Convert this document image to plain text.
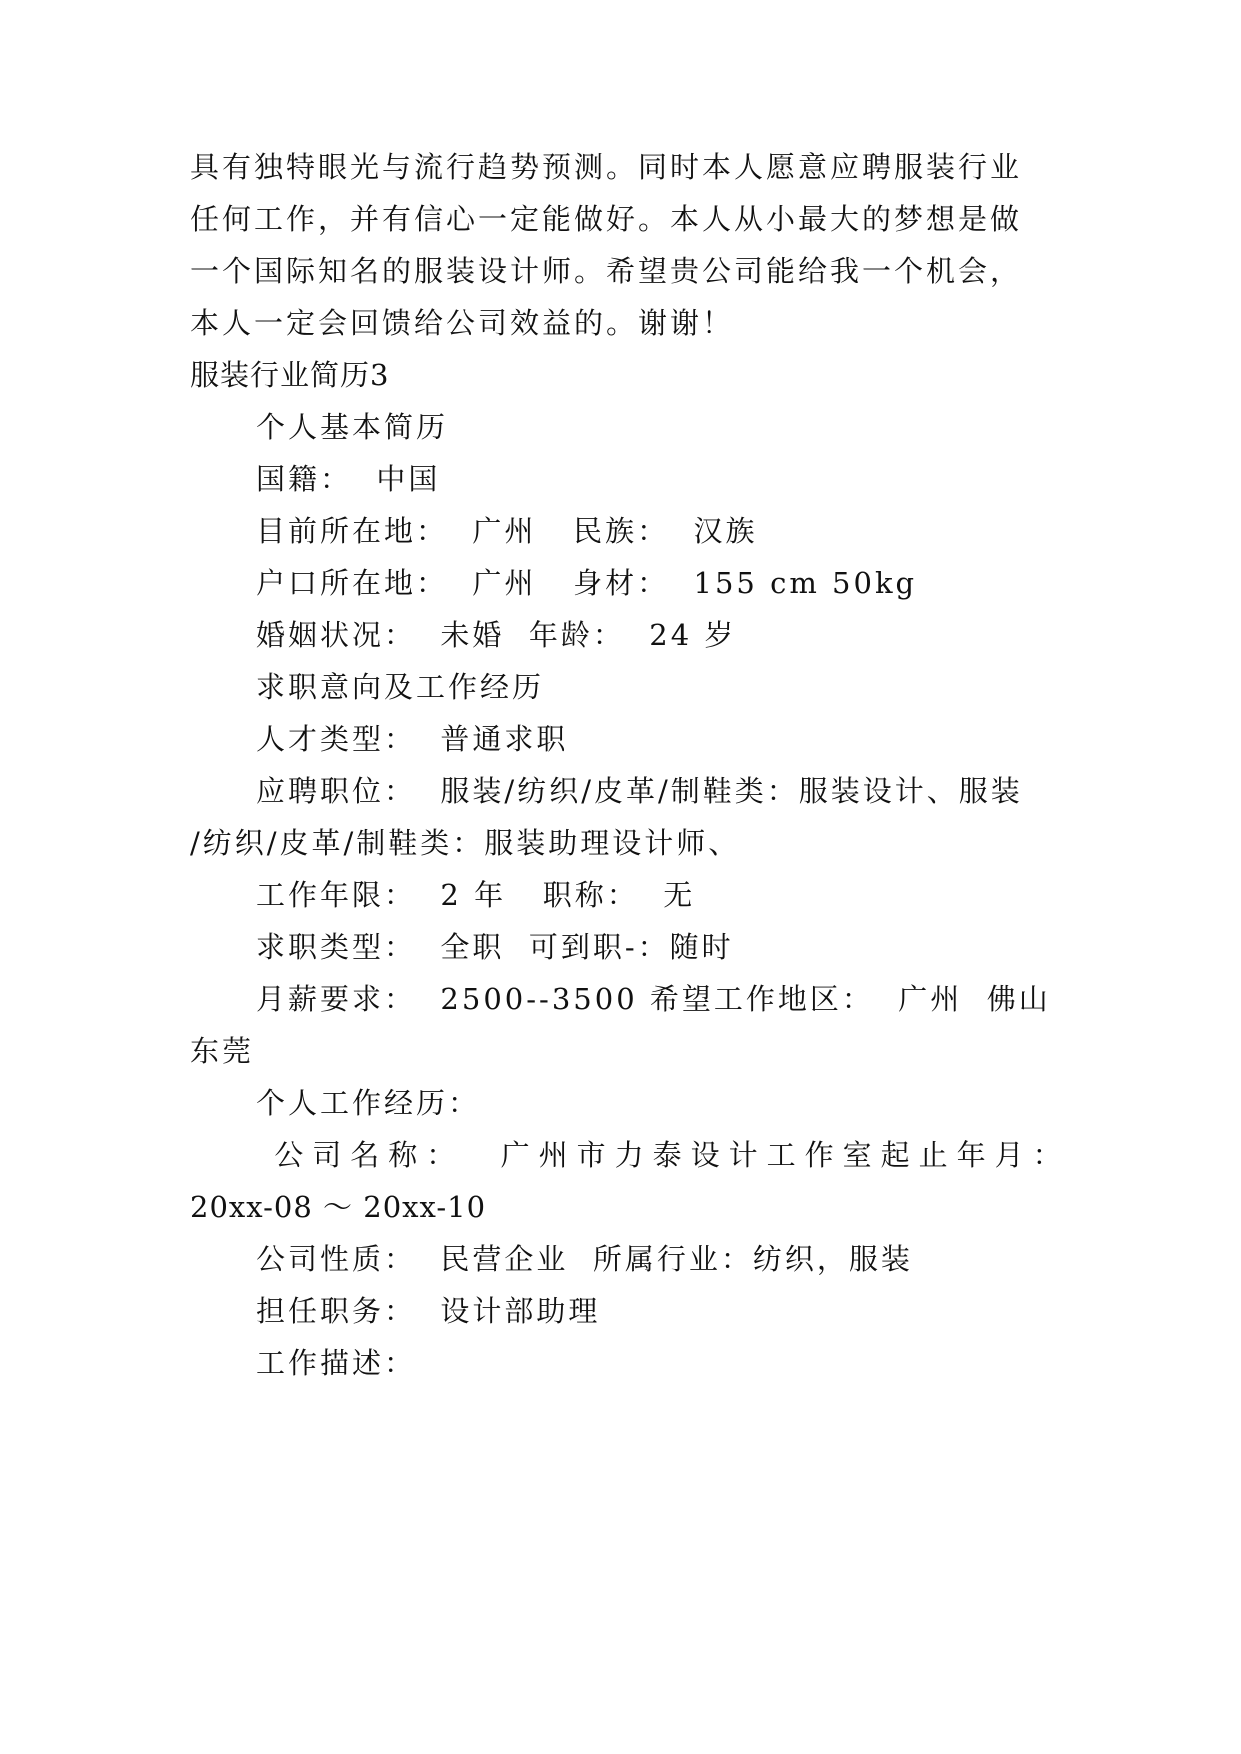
具有独特眼光与流行趋势预测。同时本人愿意应聘服装行业
任何工作，并有信心一定能做好。本人从小最大的梦想是做
一个国际知名的服装设计师。希望贵公司能给我一个机会，
本人一定会回馈给公司效益的。谢谢！
服装行业简历3
个人基本简历
国籍：  中国
目前所在地：  广州   民族：  汉族
户口所在地：  广州   身材：  155 cm 50kg
婚姻状况：  未婚  年龄：  24 岁
求职意向及工作经历
人才类型：  普通求职
应聘职位：  服装/纺织/皮革/制鞋类：服装设计、服装
/纺织/皮革/制鞋类：服装助理设计师、
工作年限：  2 年   职称：  无
求职类型：  全职  可到职-：随时
月薪要求：  2500--3500 希望工作地区：  广州  佛山
东莞
个人工作经历：
公司名称：  广州市力泰设计工作室起止年月：
20xx-08 ～ 20xx-10
公司性质：  民营企业  所属行业：纺织，服装
担任职务：  设计部助理
工作描述：
